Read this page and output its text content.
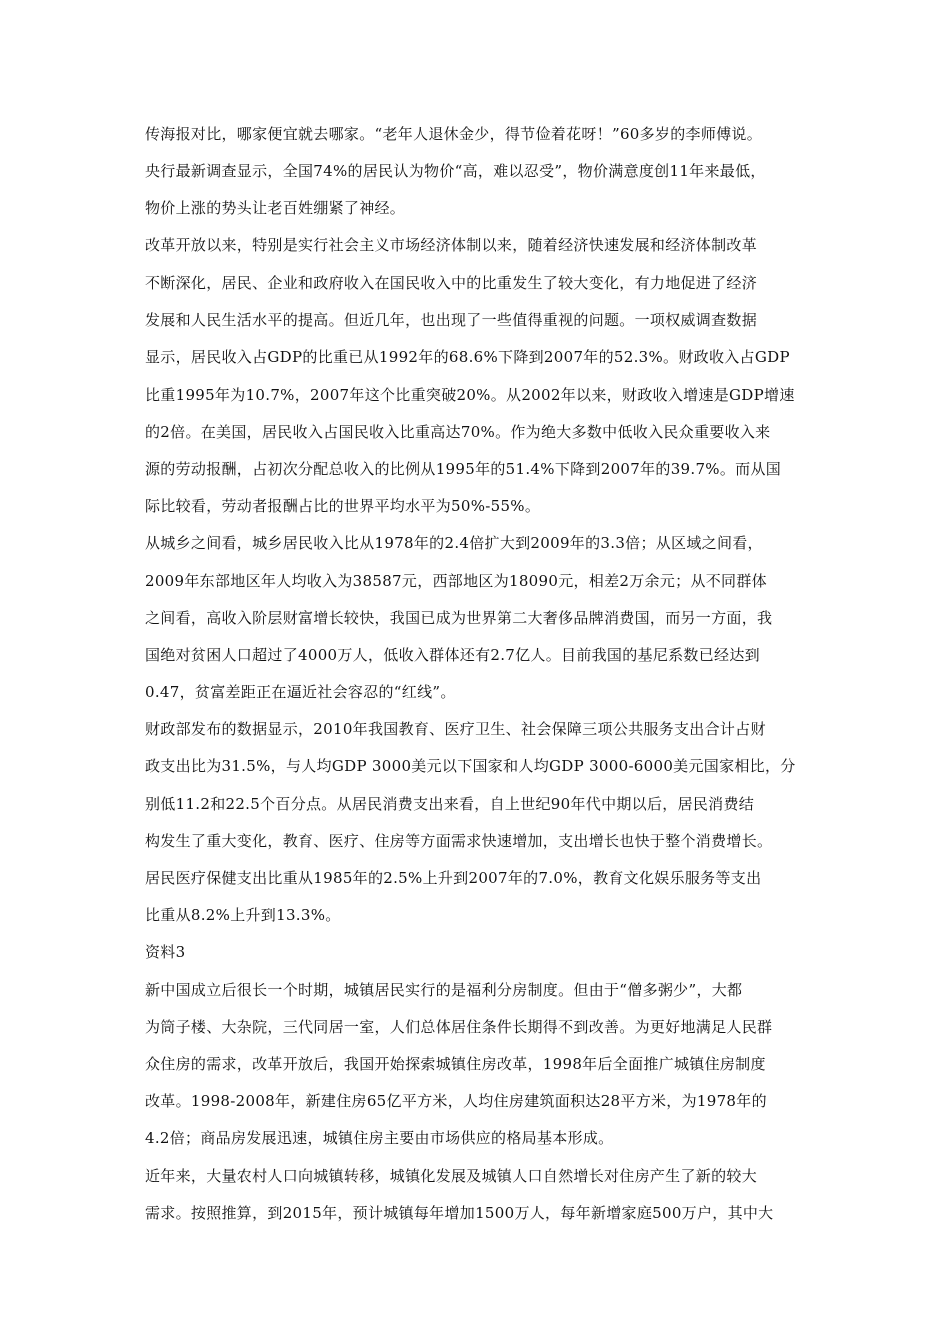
传海报对比，哪家便宜就去哪家。“老年人退休金少，得节俭着花呀！”60多岁的李师傅说。
央行最新调查显示，全国74%的居民认为物价“高，难以忍受”，物价满意度创11年来最低，
物价上涨的势头让老百姓绷紧了神经。
改革开放以来，特别是实行社会主义市场经济体制以来，随着经济快速发展和经济体制改革
不断深化，居民、企业和政府收入在国民收入中的比重发生了较大变化，有力地促进了经济
发展和人民生活水平的提高。但近几年，也出现了一些值得重视的问题。一项权威调查数据
显示，居民收入占GDP的比重已从1992年的68.6%下降到2007年的52.3%。财政收入占GDP
比重1995年为10.7%，2007年这个比重突破20%。从2002年以来，财政收入增速是GDP增速
的2倍。在美国，居民收入占国民收入比重高达70%。作为绝大多数中低收入民众重要收入来
源的劳动报酬，占初次分配总收入的比例从1995年的51.4%下降到2007年的39.7%。而从国
际比较看，劳动者报酬占比的世界平均水平为50%-55%。
从城乡之间看，城乡居民收入比从1978年的2.4倍扩大到2009年的3.3倍；从区域之间看，
2009年东部地区年人均收入为38587元，西部地区为18090元，相差2万余元；从不同群体
之间看，高收入阶层财富增长较快，我国已成为世界第二大奢侈品牌消费国，而另一方面，我
国绝对贫困人口超过了4000万人，低收入群体还有2.7亿人。目前我国的基尼系数已经达到
0.47，贫富差距正在逼近社会容忍的“红线”。
财政部发布的数据显示，2010年我国教育、医疗卫生、社会保障三项公共服务支出合计占财
政支出比为31.5%，与人均GDP 3000美元以下国家和人均GDP 3000-6000美元国家相比，分
别低11.2和22.5个百分点。从居民消费支出来看，自上世纪90年代中期以后，居民消费结
构发生了重大变化，教育、医疗、住房等方面需求快速增加，支出增长也快于整个消费增长。
居民医疗保健支出比重从1985年的2.5%上升到2007年的7.0%，教育文化娱乐服务等支出
比重从8.2%上升到13.3%。
资料3
新中国成立后很长一个时期，城镇居民实行的是福利分房制度。但由于“僧多粥少”，大都
为筒子楼、大杂院，三代同居一室，人们总体居住条件长期得不到改善。为更好地满足人民群
众住房的需求，改革开放后，我国开始探索城镇住房改革，1998年后全面推广城镇住房制度
改革。1998-2008年，新建住房65亿平方米，人均住房建筑面积达28平方米，为1978年的
4.2倍；商品房发展迅速，城镇住房主要由市场供应的格局基本形成。
近年来，大量农村人口向城镇转移，城镇化发展及城镇人口自然增长对住房产生了新的较大
需求。按照推算，到2015年，预计城镇每年增加1500万人，每年新增家庭500万户，其中大
